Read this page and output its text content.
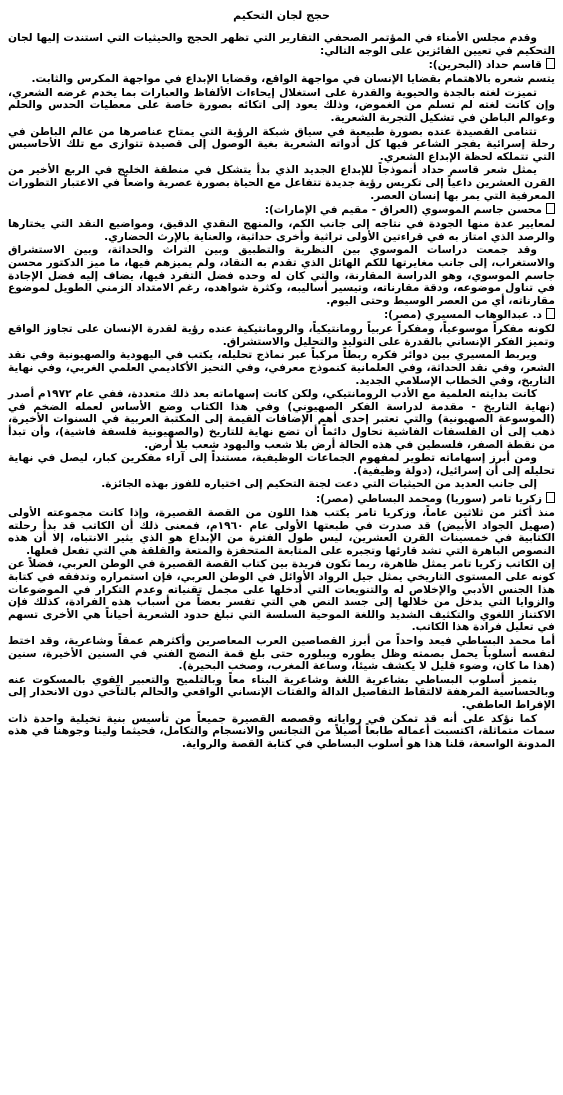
حجج لجان التحكيم
وقدم مجلس الأمناء في المؤتمر الصحفي التقارير التي تظهر الحجج والحيثيات التي استندت إليها لجان التحكيم في تعيين الفائزين على الوجه التالي:
قاسم حداد (البحرين):
يتسم شعره بالاهتمام بقضايا الإنسان في مواجهة الواقع، وقضايا الإبداع في مواجهة المكرس والثابت.
تميزت لغته بالجدة والحيوية والقدرة على استغلال إيحاءات الألفاظ والعبارات بما يخدم غرضه الشعري، وإن كانت لغته لم تسلم من الغموض، وذلك يعود إلى اتكائه بصورة خاصة على معطيات الحدس والحلم وعوالم الباطن في تشكيل التجربة الشعرية.
تتنامى القصيدة عنده بصورة طبيعية في سياق شبكة الرؤية التي يمتاح عناصرها من عالم الباطن في رحلة إسرائية يفجر الشاعر فيها كل أدواته الشعرية بغية الوصول إلى قصيدة تتوازى مع تلك الأحاسيس التي تتملكه لحظة الإبداع الشعري.
يمثل شعر قاسم حداد أنموذجاً للإبداع الجديد الذي بدأ يتشكل في منطقة الخليج في الربع الأخير من القرن العشرين داعياً إلى تكريس رؤية جديدة تتفاعل مع الحياة بصورة عصرية واضعاً في الاعتبار التطورات المعرفية التي يمر بها إنسان العصر.
محسن جاسم الموسوي (العراق - مقيم في الإمارات):
لمعايير عدة منها الجودة في نتاجه إلى جانب الكم، والمنهج النقدي الدقيق، ومواضيع النقد التي يختارها والرصد الذي امتاز به في قراءتين الأولى تراثية وأخرى حداثية، والعناية بالإرث الحضاري.
وقد جمعت دراسات الموسوي بين النظرية والتطبيق وبين التراث والحداثة، وبين الاستشراق والاستغراب، إلى جانب مغايرتها للكم الهائل الذي تقدم به النقاد، ولم يميزهم فيها، ما ميز الدكتور محسن جاسم الموسوي، وهو الدراسة المقارنة، والتي كان له وحده فضل التفرد فيها، يضاف إليه فضل الإجادة في تناول موضوعه، ودقة مقارناته، وتيسير أساليبه، وكثرة شواهده، رغم الامتداد الزمني الطويل لموضوع مقارناته، أي من العصر الوسيط وحتى اليوم.
د. عبدالوهاب المسيري (مصر):
لكونه مفكراً موسوعياً، ومفكراً عربياً رومانتيكياً، والرومانتيكية عنده رؤية لقدرة الإنسان على تجاوز الواقع وتميز الفكر الإنساني بالقدرة على التوليد والتحليل والاستشراق.
ويربط المسيري بين دوائر فكره ربطاً مركباً عبر نماذج تحليله، يكتب في اليهودية والصهيونية وفي نقد الشعر، وفي نقد الحداثة، وفي العلمانية كنموذج معرفي، وفي التحيز الأكاديمي العلمي الغربي، وفي نهاية التاريخ، وفي الخطاب الإسلامي الجديد.
كانت بدايته العلمية مع الأدب الرومانتيكي، ولكن كانت إسهاماته بعد ذلك متعددة، ففي عام ١٩٧٢م أصدر (نهاية التاريخ - مقدمة لدراسة الفكر الصهيوني) وفي هذا الكتاب وضع الأساس لعمله الضخم في (الموسوعة الصهيونية) والتي تعتبر إحدى أهم الإضافات القيمة إلى المكتبة العربية في السنوات الأخيرة، ذهب إلى أن الفلسفات الفاشية تحاول دائماً أن تضع نهاية للتاريخ (والصهيونية فلسفة فاشية)، وأن تبدأ من نقطة الصفر، فلسطين في هذه الحالة أرض بلا شعب واليهود شعب بلا أرض.
ومن أبرز إسهاماته تطوير لمفهوم الجماعات الوظيفية، مستنداً إلى آراء مفكرين كبار، ليصل في نهاية تحليله إلى أن إسرائيل، (دولة وظيفية).
إلى جانب العديد من الحيثيات التي دعت لجنة التحكيم إلى اختياره للفوز بهذه الجائزة.
زكريا تامر (سوريا) ومحمد البساطي (مصر):
منذ أكثر من ثلاثين عاماً، وزكريا تامر يكتب هذا اللون من القصة القصيرة، وإذا كانت مجموعته الأولى (صهيل الجواد الأبيض) قد صدرت في طبعتها الأولى عام ١٩٦٠م، فمعنى ذلك أن الكاتب قد بدأ رحلته الكتابية في خمسينات القرن العشرين، ليس طول الفترة من الإبداع هو الذي يثير الانتباه، إلا أن هذه النصوص الباهرة التي تشد قارئها وتجبره على المتابعة المتحفزة والمتعة والقلقة هي التي تفعل فعلها.
إن الكاتب زكريا تامر يمثل ظاهرة، ربما تكون فريدة بين كتاب القصة القصيرة في الوطن العربي، فضلاً عن كونه على المستوى التاريخي يمثل جيل الرواد الأوائل في الوطن العربي، فإن استمراره وتدفقه في كتابة هذا الجنس الأدبي والإخلاص له والتنويعات التي أدخلها على مجمل تقنياته وعدم التكرار في الموضوعات والزوايا التي يدخل من خلالها إلى جسد النص هي التي تفسر بعضاً من أسباب هذه الفرادة، كذلك فإن الاكتناز اللغوي والتكثيف الشديد واللغة الموحية السلسة التي تبلغ حدود الشعرية أحياناً هي الأخرى تسهم في تعليل فرادة هذا الكاتب.
أما محمد البساطي فيعد واحداً من أبرز القصاصين العرب المعاصرين وأكثرهم عمقاً وشاعرية، وقد اختط لنفسه أسلوباً يحمل بصمته وظل يطوره ويبلوره حتى بلغ قمة النضج الفني في السنين الأخيرة، سنين (هذا ما كان، وضوء قليل لا يكشف شيئاً، وساعة المغرب، وصخب البحيرة).
يتميز أسلوب البساطي بشاعرية اللغة وشاعرية البناء معاً وبالتلميح والتعبير القوي بالمسكوت عنه وبالحساسية المرهفة لالتقاط التفاصيل الدالة والفتات الإنساني الواقعي والحالم بالتآخي دون الانحدار إلى الإفراط العاطفي.
كما نؤكد على أنه قد تمكن في رواياته وقصصه القصيرة جميعاً من تأسيس بنية تخيلية واحدة ذات سمات متماثلة، اكتسبت أعماله طابعاً أصيلاً من التجانس والانسجام والتكامل، فحيثما ولينا وجوهنا في هذه المدونة الواسعة، قلنا هذا هو أسلوب البساطي في كتابة القصة والرواية.
